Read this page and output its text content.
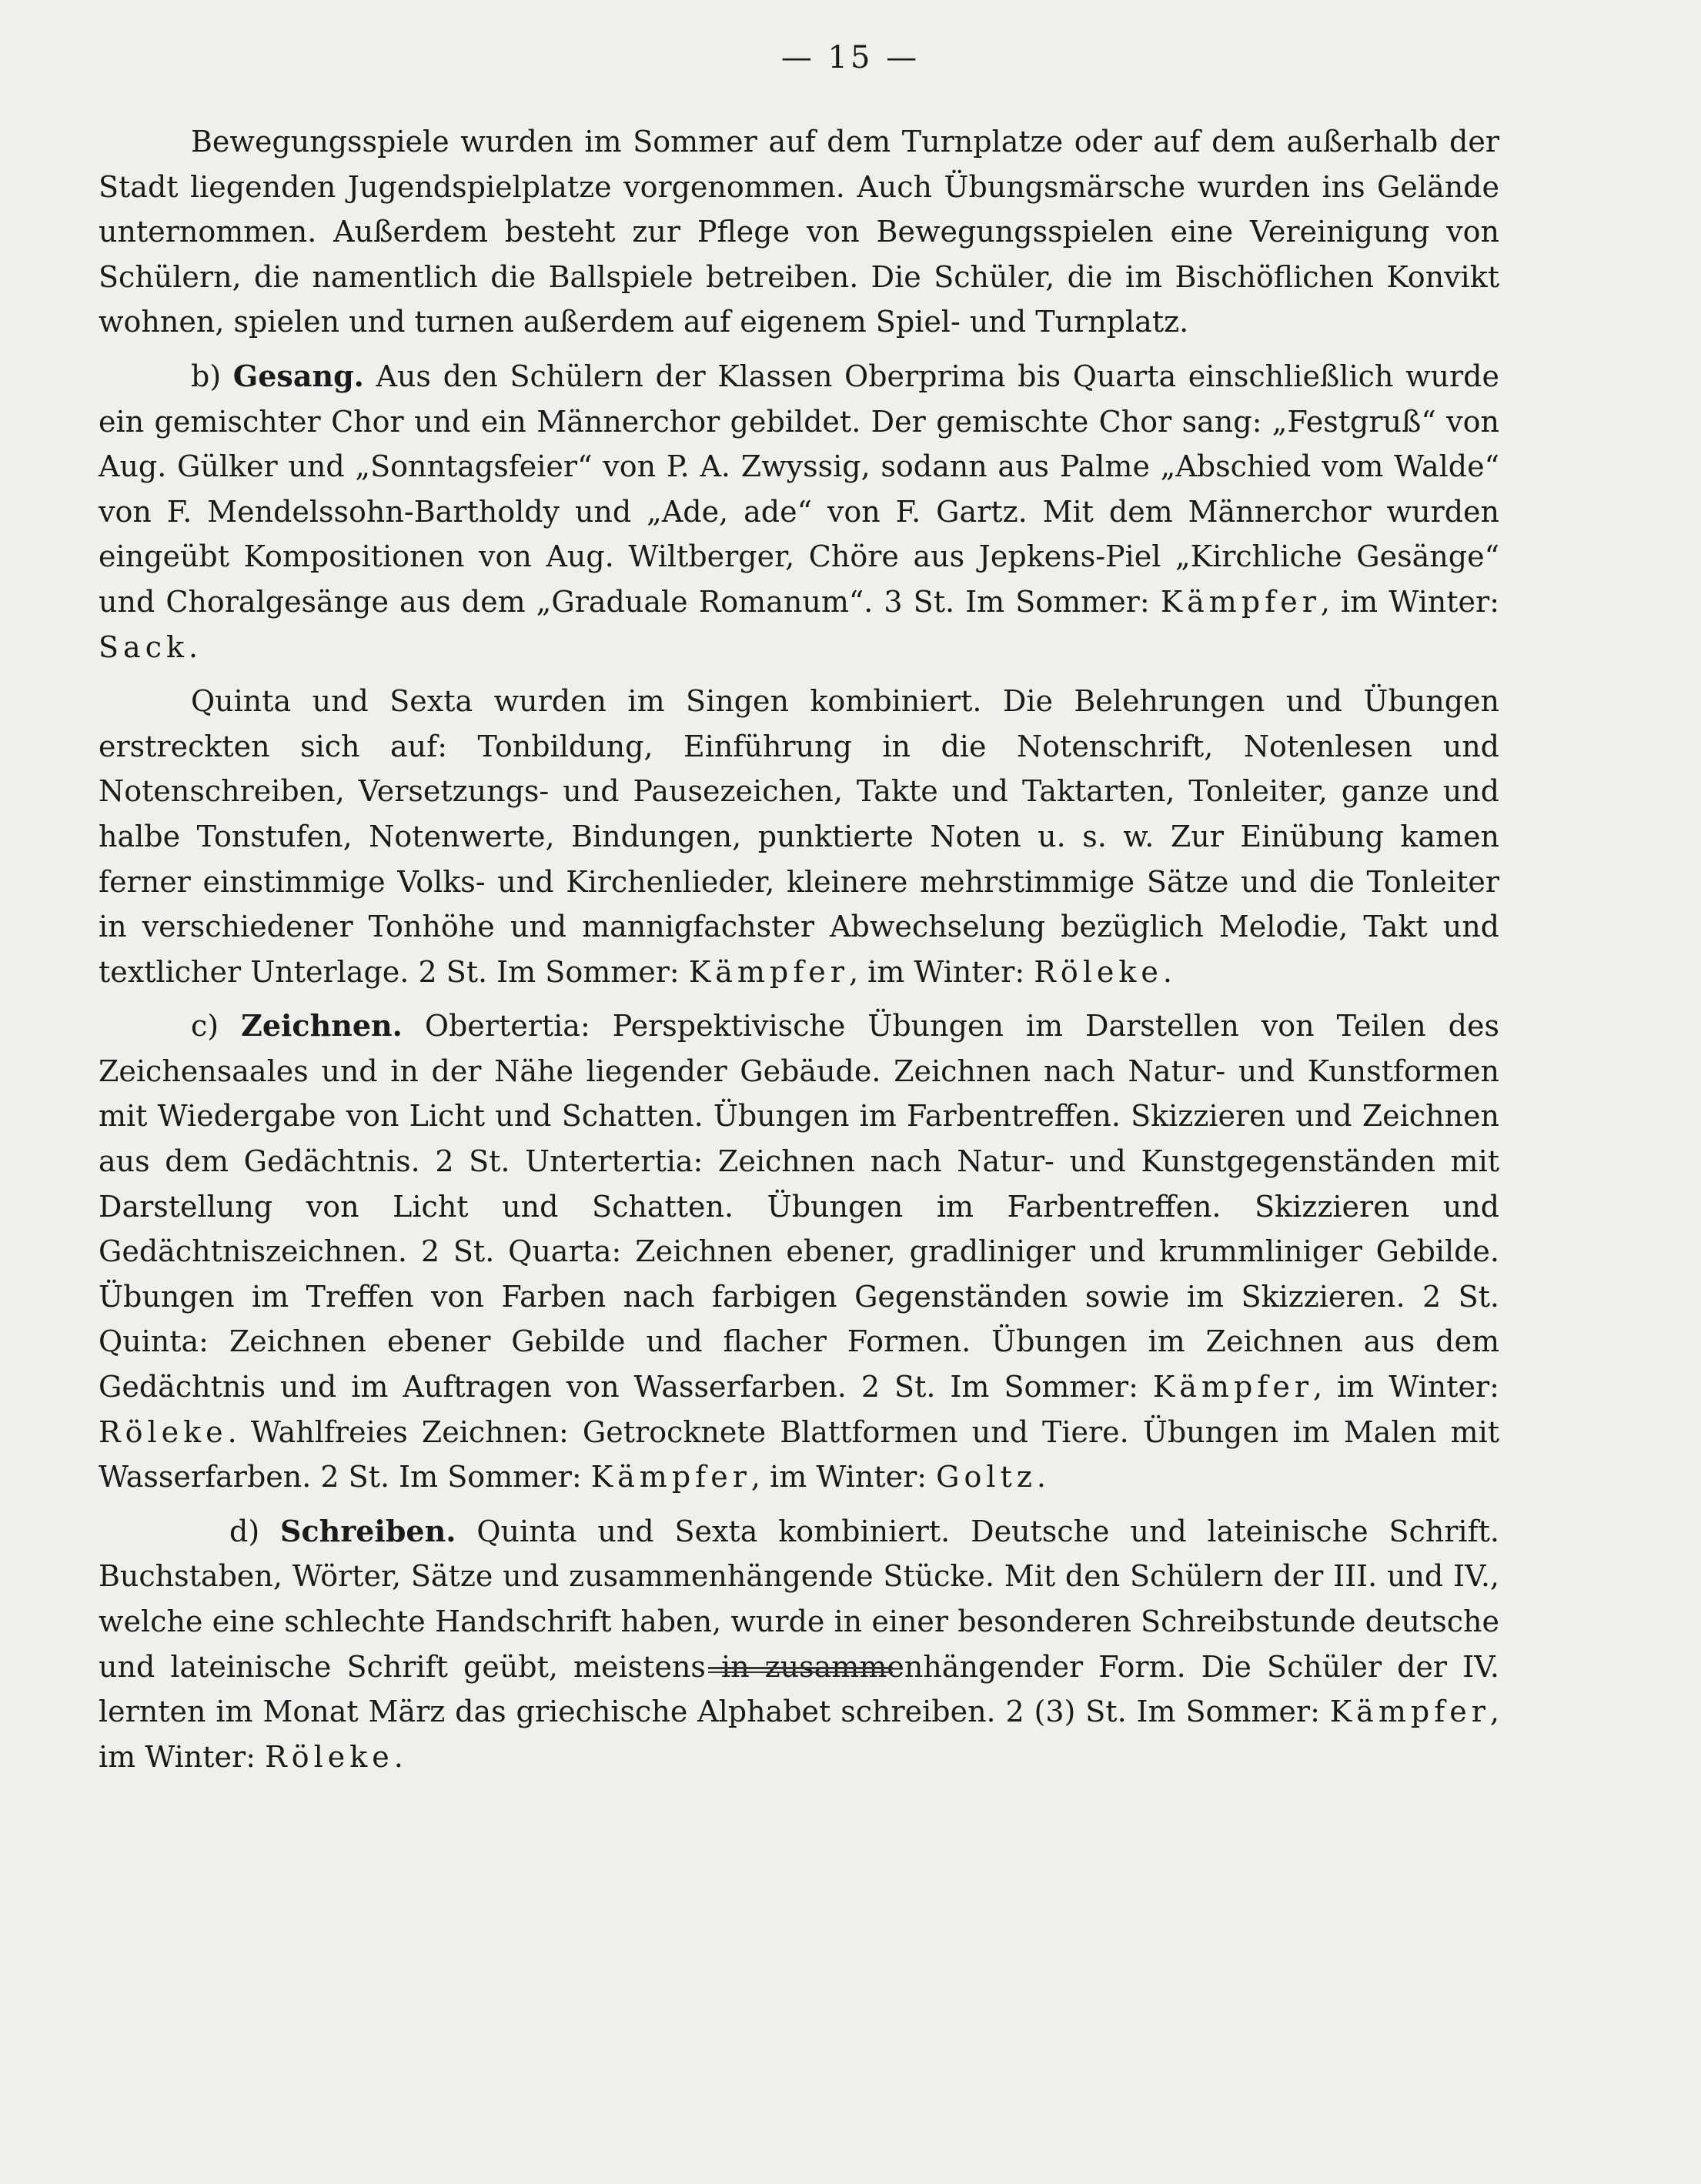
— 15 —

Bewegungsspiele wurden im Sommer auf dem Turnplatze oder auf dem außerhalb der Stadt liegenden Jugendspielplatze vorgenommen. Auch Übungsmärsche wurden ins Gelände unternommen. Außerdem besteht zur Pflege von Bewegungsspielen eine Vereinigung von Schülern, die namentlich die Ballspiele betreiben. Die Schüler, die im Bischöflichen Konvikt wohnen, spielen und turnen außerdem auf eigenem Spiel- und Turnplatz.

b) Gesang. Aus den Schülern der Klassen Oberprima bis Quarta einschließlich wurde ein gemischter Chor und ein Männerchor gebildet. Der gemischte Chor sang: „Festgruß“ von Aug. Gülker und „Sonntagsfeier“ von P. A. Zwyssig, sodann aus Palme „Abschied vom Walde“ von F. Mendelssohn-Bartholdy und „Ade, ade“ von F. Gartz. Mit dem Männerchor wurden eingeübt Kompositionen von Aug. Wiltberger, Chöre aus Jepkens-Piel „Kirchliche Gesänge“ und Choralgesänge aus dem „Graduale Romanum“. 3 St. Im Sommer: Kämpfer, im Winter: Sack.

Quinta und Sexta wurden im Singen kombiniert. Die Belehrungen und Übungen erstreckten sich auf: Tonbildung, Einführung in die Notenschrift, Notenlesen und Notenschreiben, Versetzungs- und Pausezeichen, Takte und Taktarten, Tonleiter, ganze und halbe Tonstufen, Notenwerte, Bindungen, punktierte Noten u. s. w. Zur Einübung kamen ferner einstimmige Volks- und Kirchenlieder, kleinere mehrstimmige Sätze und die Tonleiter in verschiedener Tonhöhe und mannigfachster Abwechselung bezüglich Melodie, Takt und textlicher Unterlage. 2 St. Im Sommer: Kämpfer, im Winter: Röleke.

c) Zeichnen. Obertertia: Perspektivische Übungen im Darstellen von Teilen des Zeichensaales und in der Nähe liegender Gebäude. Zeichnen nach Natur- und Kunstformen mit Wiedergabe von Licht und Schatten. Übungen im Farbentreffen. Skizzieren und Zeichnen aus dem Gedächtnis. 2 St. Untertertia: Zeichnen nach Natur- und Kunstgegenständen mit Darstellung von Licht und Schatten. Übungen im Farbentreffen. Skizzieren und Gedächtniszeichnen. 2 St. Quarta: Zeichnen ebener, gradliniger und krummliniger Gebilde. Übungen im Treffen von Farben nach farbigen Gegenständen sowie im Skizzieren. 2 St. Quinta: Zeichnen ebener Gebilde und flacher Formen. Übungen im Zeichnen aus dem Gedächtnis und im Auftragen von Wasserfarben. 2 St. Im Sommer: Kämpfer, im Winter: Röleke. Wahlfreies Zeichnen: Getrocknete Blattformen und Tiere. Übungen im Malen mit Wasserfarben. 2 St. Im Sommer: Kämpfer, im Winter: Goltz.

d) Schreiben. Quinta und Sexta kombiniert. Deutsche und lateinische Schrift. Buchstaben, Wörter, Sätze und zusammenhängende Stücke. Mit den Schülern der III. und IV., welche eine schlechte Handschrift haben, wurde in einer besonderen Schreibstunde deutsche und lateinische Schrift geübt, meistens in zusammenhängender Form. Die Schüler der IV. lernten im Monat März das griechische Alphabet schreiben. 2 (3) St. Im Sommer: Kämpfer, im Winter: Röleke.
